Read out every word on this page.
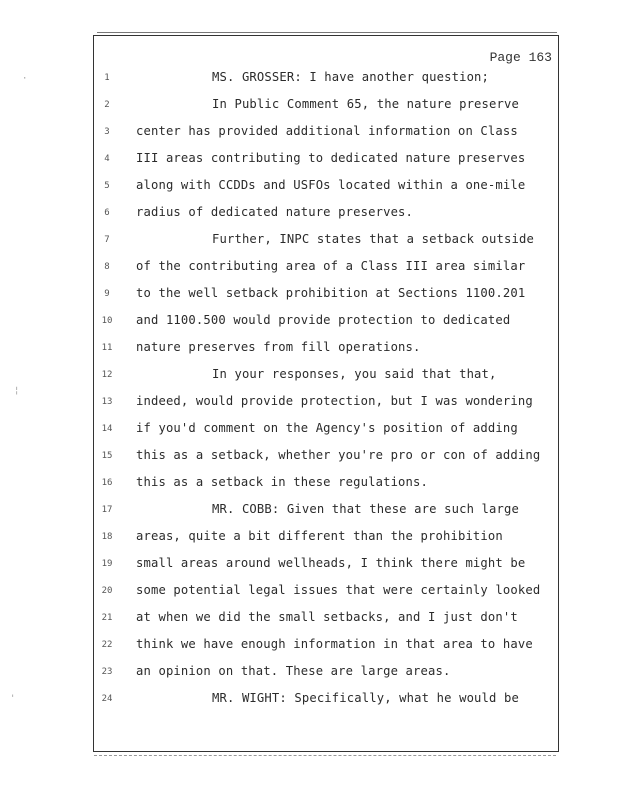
Page 163
·
¦
'
1	MS. GROSSER: I have another question;
2	In Public Comment 65, the nature preserve
3	center has provided additional information on Class
4	III areas contributing to dedicated nature preserves
5	along with CCDDs and USFOs located within a one-mile
6	radius of dedicated nature preserves.
7	Further, INPC states that a setback outside
8	of the contributing area of a Class III area similar
9	to the well setback prohibition at Sections 1100.201
10	and 1100.500 would provide protection to dedicated
11	nature preserves from fill operations.
12	In your responses, you said that that,
13	indeed, would provide protection, but I was wondering
14	if you'd comment on the Agency's position of adding
15	this as a setback, whether you're pro or con of adding
16	this as a setback in these regulations.
17	MR. COBB: Given that these are such large
18	areas, quite a bit different than the prohibition
19	small areas around wellheads, I think there might be
20	some potential legal issues that were certainly looked
21	at when we did the small setbacks, and I just don't
22	think we have enough information in that area to have
23	an opinion on that. These are large areas.
24	MR. WIGHT: Specifically, what he would be
